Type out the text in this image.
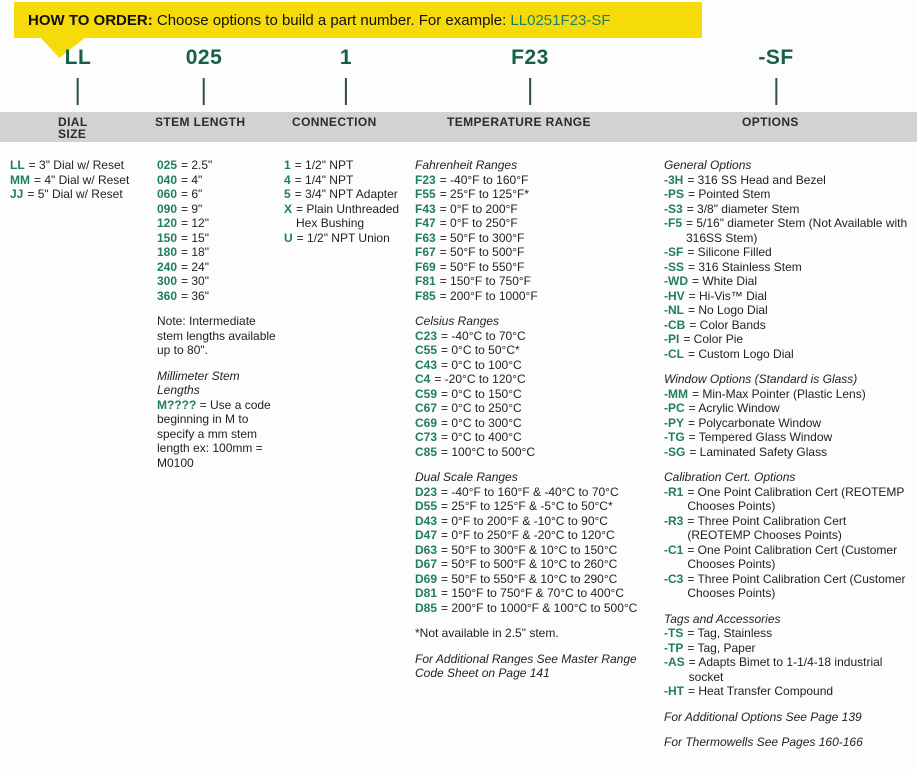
HOW TO ORDER: Choose options to build a part number. For example: LL0251F23-SF
LL	025	1	F23	-SF
DIAL SIZE
STEM LENGTH	CONNECTION	TEMPERATURE RANGE	OPTIONS
LL = 3" Dial w/ Reset
MM = 4" Dial w/ Reset
JJ = 5" Dial w/ Reset
025 = 2.5"
040 = 4"
060 = 6"
090 = 9"
120 = 12"
150 = 15"
180 = 18"
240 = 24"
300 = 30"
360 = 36"

Note: Intermediate stem lengths available up to 80".

Millimeter Stem Lengths

M???? = Use a code beginning in M to specify a mm stem length ex: 100mm = M0100

1 = 1/2" NPT
4 = 1/4" NPT
5 = 3/4" NPT Adapter
X = Plain Unthreaded Hex Bushing
U = 1/2" NPT Union
Fahrenheit Ranges
F23 = -40°F to 160°F
F55 = 25°F to 125°F*
F43 = 0°F to 200°F
F47 = 0°F to 250°F
F63 = 50°F to 300°F
F67 = 50°F to 500°F
F69 = 50°F to 550°F
F81 = 150°F to 750°F
F85 = 200°F to 1000°F
Celsius Ranges
C23 = -40°C to 70°C
C55 = 0°C to 50°C*
C43 = 0°C to 100°C
C4 = -20°C to 120°C
C59 = 0°C to 150°C
C67 = 0°C to 250°C
C69 = 0°C to 300°C
C73 = 0°C to 400°C
C85 = 100°C to 500°C
Dual Scale Ranges
D23 = -40°F to 160°F & -40°C to 70°C
D55 = 25°F to 125°F & -5°C to 50°C*
D43 = 0°F to 200°F & -10°C to 90°C
D47 = 0°F to 250°F & -20°C to 120°C
D63 = 50°F to 300°F & 10°C to 150°C
D67 = 50°F to 500°F & 10°C to 260°C
D69 = 50°F to 550°F & 10°C to 290°C
D81 = 150°F to 750°F & 70°C to 400°C
D85 = 200°F to 1000°F & 100°C to 500°C

*Not available in 2.5" stem.

For Additional Ranges See Master Range Code Sheet on Page 141

General Options
-3H = 316 SS Head and Bezel
-PS = Pointed Stem
-S3 = 3/8" diameter Stem
-F5 = 5/16" diameter Stem (Not Available with 316SS Stem)
-SF = Silicone Filled
-SS = 316 Stainless Stem
-WD = White Dial
-HV = Hi-Vis™ Dial
-NL = No Logo Dial
-CB = Color Bands
-PI = Color Pie
-CL = Custom Logo Dial
Window Options (Standard is Glass)
-MM = Min-Max Pointer (Plastic Lens)
-PC = Acrylic Window
-PY = Polycarbonate Window
-TG = Tempered Glass Window
-SG = Laminated Safety Glass
Calibration Cert. Options
-R1 = One Point Calibration Cert (REOTEMP Chooses Points)
-R3 = Three Point Calibration Cert (REOTEMP Chooses Points)
-C1 = One Point Calibration Cert (Customer Chooses Points)
-C3 = Three Point Calibration Cert (Customer Chooses Points)
Tags and Accessories
-TS = Tag, Stainless
-TP = Tag, Paper
-AS = Adapts Bimet to 1-1/4-18 industrial socket
-HT = Heat Transfer Compound

For Additional Options See Page 139

For Thermowells See Pages 160-166
